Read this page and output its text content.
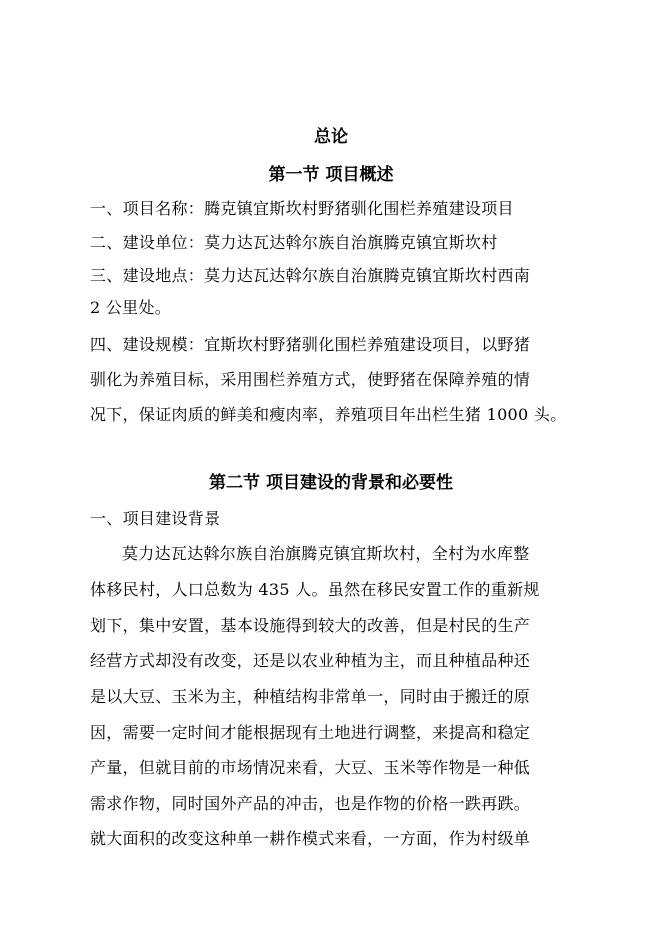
总论
第一节 项目概述
一、项目名称：腾克镇宜斯坎村野猪驯化围栏养殖建设项目
二、建设单位：莫力达瓦达斡尔族自治旗腾克镇宜斯坎村
三、建设地点：莫力达瓦达斡尔族自治旗腾克镇宜斯坎村西南
2 公里处。
四、建设规模：宜斯坎村野猪驯化围栏养殖建设项目，以野猪
驯化为养殖目标，采用围栏养殖方式，使野猪在保障养殖的情
况下，保证肉质的鲜美和瘦肉率，养殖项目年出栏生猪 1000 头。
第二节 项目建设的背景和必要性
一、项目建设背景
莫力达瓦达斡尔族自治旗腾克镇宜斯坎村，全村为水库整
体移民村，人口总数为 435 人。虽然在移民安置工作的重新规
划下，集中安置，基本设施得到较大的改善，但是村民的生产
经营方式却没有改变，还是以农业种植为主，而且种植品种还
是以大豆、玉米为主，种植结构非常单一，同时由于搬迁的原
因，需要一定时间才能根据现有土地进行调整，来提高和稳定
产量，但就目前的市场情况来看，大豆、玉米等作物是一种低
需求作物，同时国外产品的冲击，也是作物的价格一跌再跌。
就大面积的改变这种单一耕作模式来看，一方面，作为村级单
